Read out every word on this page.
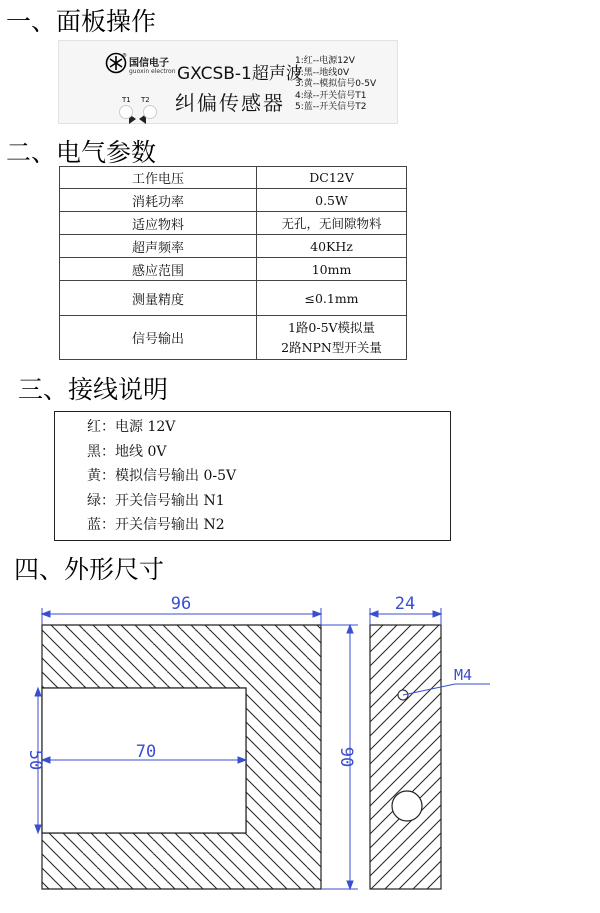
一、面板操作
®
国信电子
guoxin electron GXCSB-1超声波
纠偏传感器
1:红--电源12V
2:黑--地线0V
3:黄--模拟信号0-5V
4:绿--开关信号T1
5:蓝--开关信号T2
T1 T2
二、电气参数
工作电压	DC12V
消耗功率	0.5W
适应物料	无孔，无间隙物料
超声频率	40KHz
感应范围	10mm
测量精度	≤0.1mm
信号输出	1路0-5V模拟量
2路NPN型开关量
三、接线说明
红：电源 12V
黑：地线 0V
黄：模拟信号输出 0-5V
绿：开关信号输出 N1
蓝：开关信号输出 N2
四、外形尺寸
96
70
50	90
24
M4
